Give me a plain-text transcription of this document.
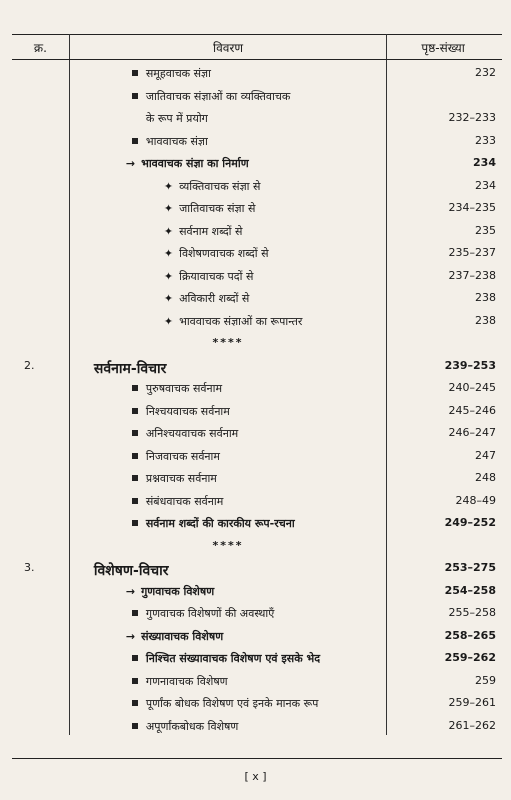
क्र.	विवरण	पृष्ठ-संख्या

	समूहवाचक संज्ञा	232

	जातिवाचक संज्ञाओं का व्यक्तिवाचक	

	के रूप में प्रयोग	232–233

	भाववाचक संज्ञा	233

	→ भाववाचक संज्ञा का निर्माण	234

	✦ व्यक्तिवाचक संज्ञा से	234

	✦ जातिवाचक संज्ञा से	234–235

	✦ सर्वनाम शब्दों से	235

	✦ विशेषणवाचक शब्दों से	235–237

	✦ क्रियावाचक पदों से	237–238

	✦ अविकारी शब्दों से	238

	✦ भाववाचक संज्ञाओं का रूपान्तर	238

	****	

2.	सर्वनाम-विचार	239–253

	पुरुषवाचक सर्वनाम	240–245

	निश्चयवाचक सर्वनाम	245–246

	अनिश्चयवाचक सर्वनाम	246–247

	निजवाचक सर्वनाम	247

	प्रश्नवाचक सर्वनाम	248

	संबंधवाचक सर्वनाम	248–49

	सर्वनाम शब्दों की कारकीय रूप-रचना	249–252

	****	

3.	विशेषण-विचार	253–275

	→ गुणवाचक विशेषण	254–258

	गुणवाचक विशेषणों की अवस्थाएँ	255–258

	→ संख्यावाचक विशेषण	258–265

	निश्चित संख्यावाचक विशेषण एवं इसके भेद	259–262

	गणनावाचक विशेषण	259

	पूर्णांक बोधक विशेषण एवं इनके मानक रूप	259–261

	अपूर्णांकबोधक विशेषण	261–262
[ x ]
